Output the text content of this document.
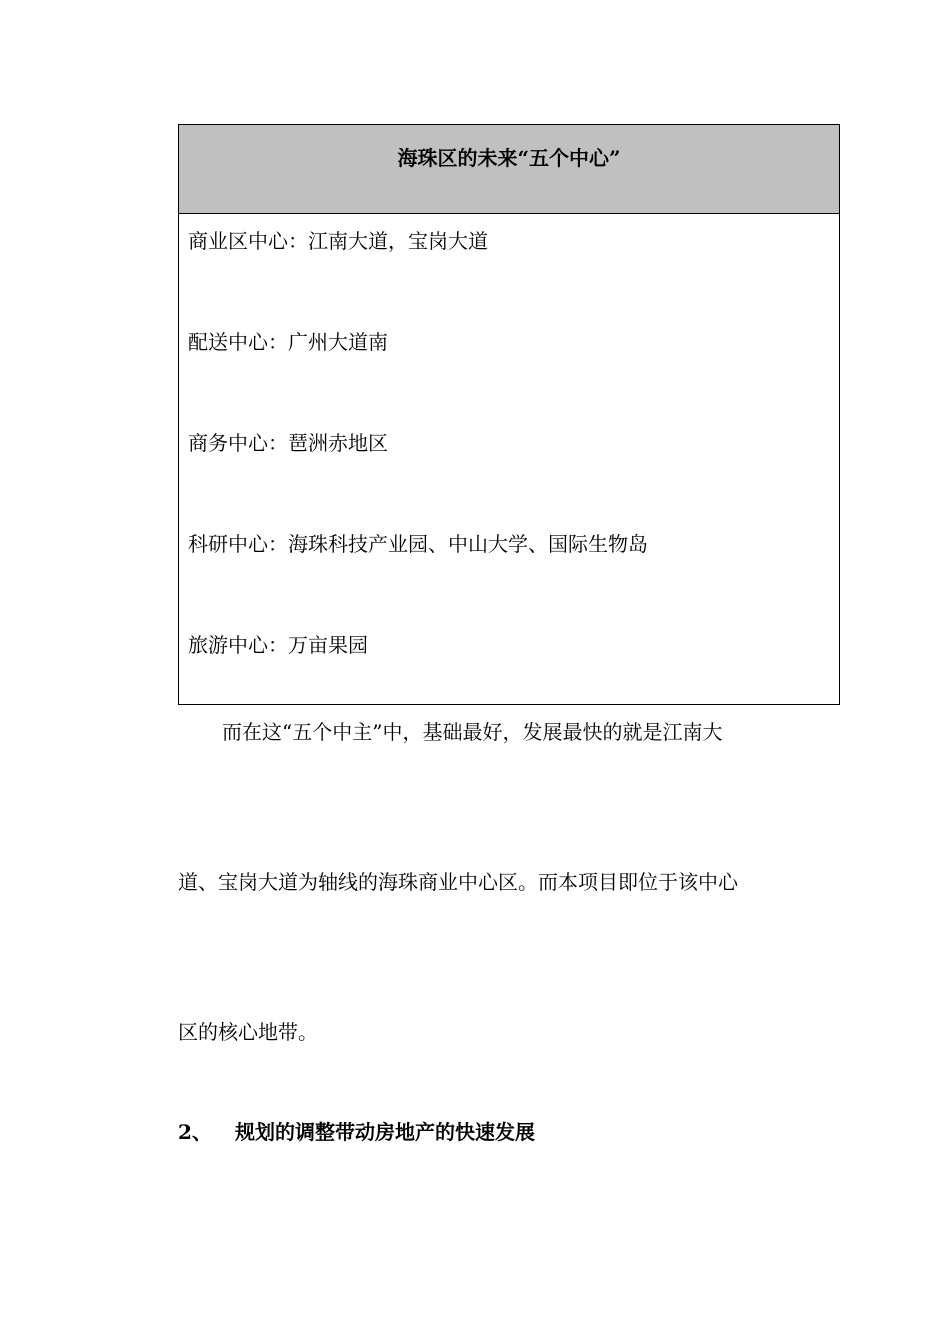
海珠区的未来“五个中心”
商业区中心：江南大道，宝岗大道
配送中心：广州大道南
商务中心：琶洲赤地区
科研中心：海珠科技产业园、中山大学、国际生物岛
旅游中心：万亩果园
而在这“五个中主”中，基础最好，发展最快的就是江南大
道、宝岗大道为轴线的海珠商业中心区。而本项目即位于该中心
区的核心地带。
2、 规划的调整带动房地产的快速发展
